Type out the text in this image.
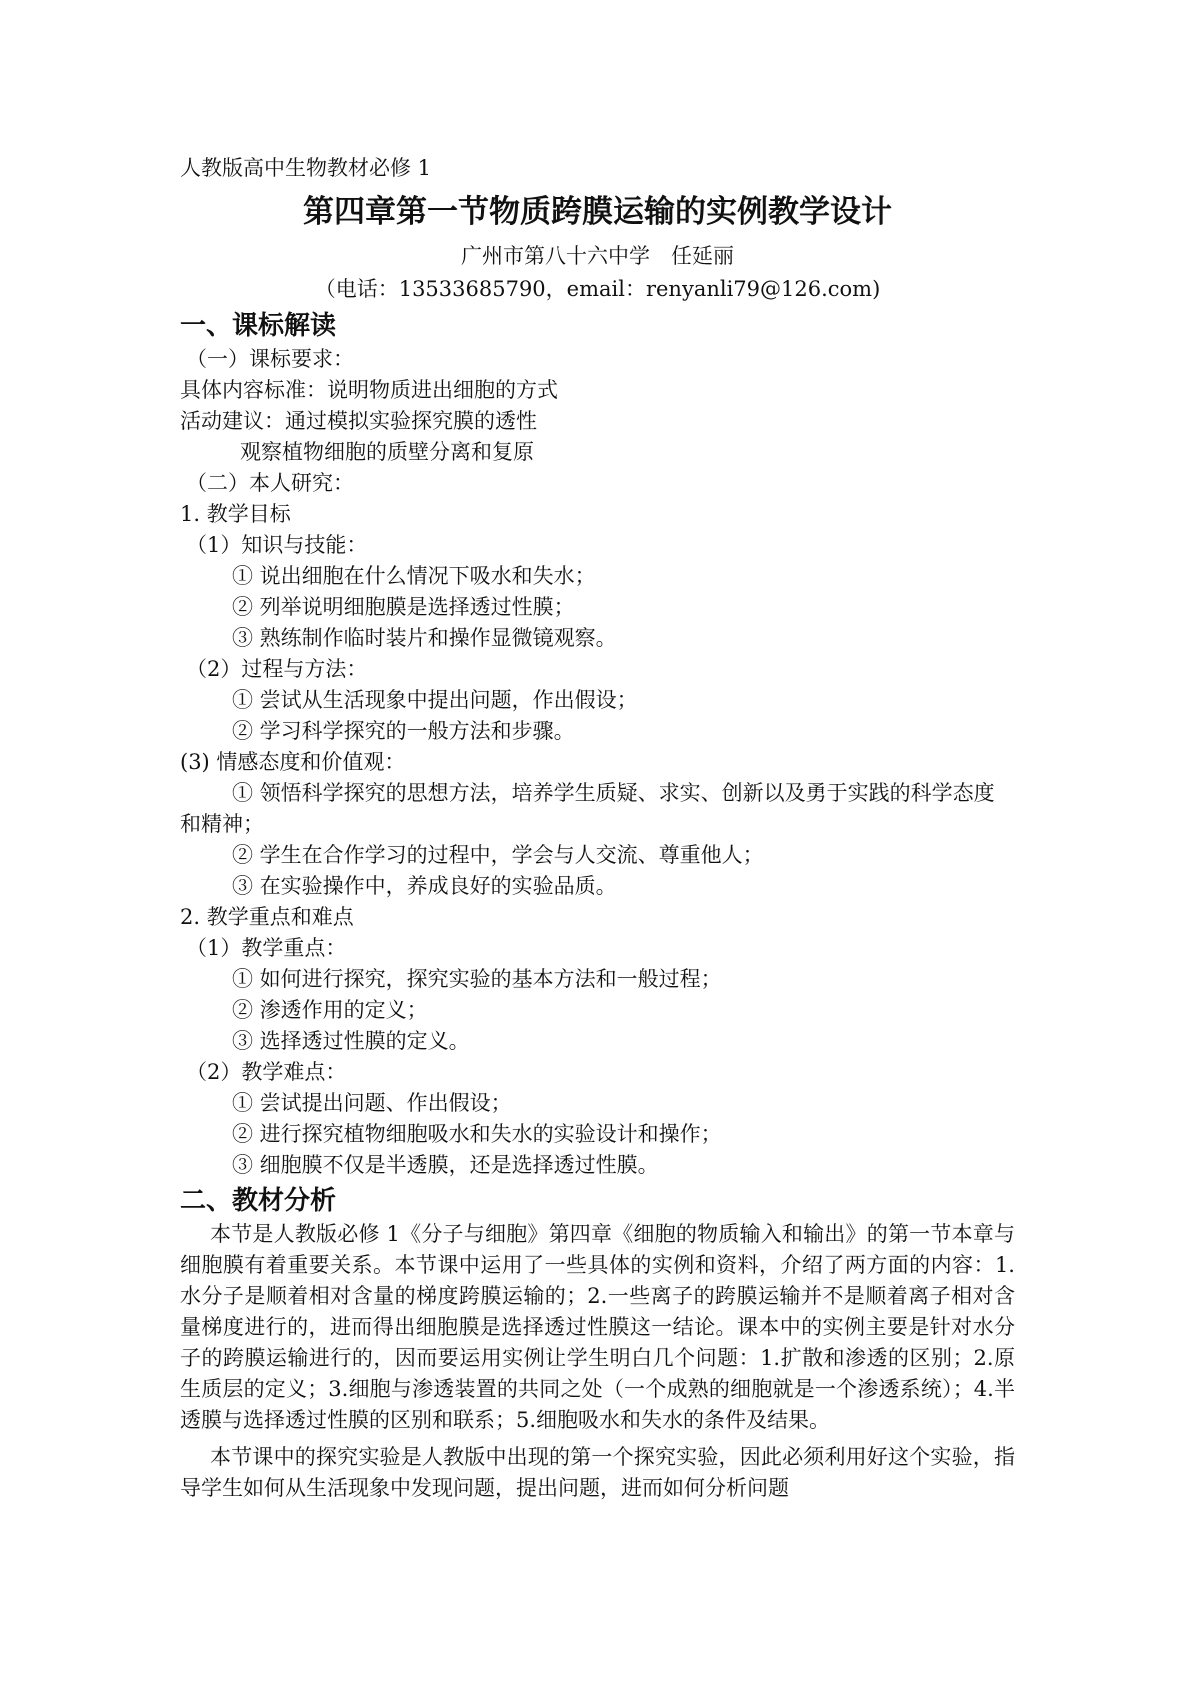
人教版高中生物教材必修 1
第四章第一节物质跨膜运输的实例教学设计
广州市第八十六中学　任延丽
（电话：13533685790，email：renyanli79@126.com)
一、课标解读
（一）课标要求：
具体内容标准：说明物质进出细胞的方式
活动建议：通过模拟实验探究膜的透性
观察植物细胞的质壁分离和复原
（二）本人研究：
1. 教学目标
（1）知识与技能：
① 说出细胞在什么情况下吸水和失水；
② 列举说明细胞膜是选择透过性膜；
③ 熟练制作临时装片和操作显微镜观察。
（2）过程与方法：
① 尝试从生活现象中提出问题，作出假设；
② 学习科学探究的一般方法和步骤。
(3) 情感态度和价值观：
① 领悟科学探究的思想方法，培养学生质疑、求实、创新以及勇于实践的科学态度和精神；
② 学生在合作学习的过程中，学会与人交流、尊重他人；
③ 在实验操作中，养成良好的实验品质。
2. 教学重点和难点
（1）教学重点：
① 如何进行探究，探究实验的基本方法和一般过程；
② 渗透作用的定义；
③ 选择透过性膜的定义。
（2）教学难点：
① 尝试提出问题、作出假设；
② 进行探究植物细胞吸水和失水的实验设计和操作；
③ 细胞膜不仅是半透膜，还是选择透过性膜。
二、教材分析
本节是人教版必修 1《分子与细胞》第四章《细胞的物质输入和输出》的第一节本章与细胞膜有着重要关系。本节课中运用了一些具体的实例和资料，介绍了两方面的内容：1.水分子是顺着相对含量的梯度跨膜运输的；2.一些离子的跨膜运输并不是顺着离子相对含量梯度进行的，进而得出细胞膜是选择透过性膜这一结论。课本中的实例主要是针对水分子的跨膜运输进行的，因而要运用实例让学生明白几个问题：1.扩散和渗透的区别；2.原生质层的定义；3.细胞与渗透装置的共同之处（一个成熟的细胞就是一个渗透系统）；4.半透膜与选择透过性膜的区别和联系；5.细胞吸水和失水的条件及结果。
本节课中的探究实验是人教版中出现的第一个探究实验，因此必须利用好这个实验，指导学生如何从生活现象中发现问题，提出问题，进而如何分析问题
